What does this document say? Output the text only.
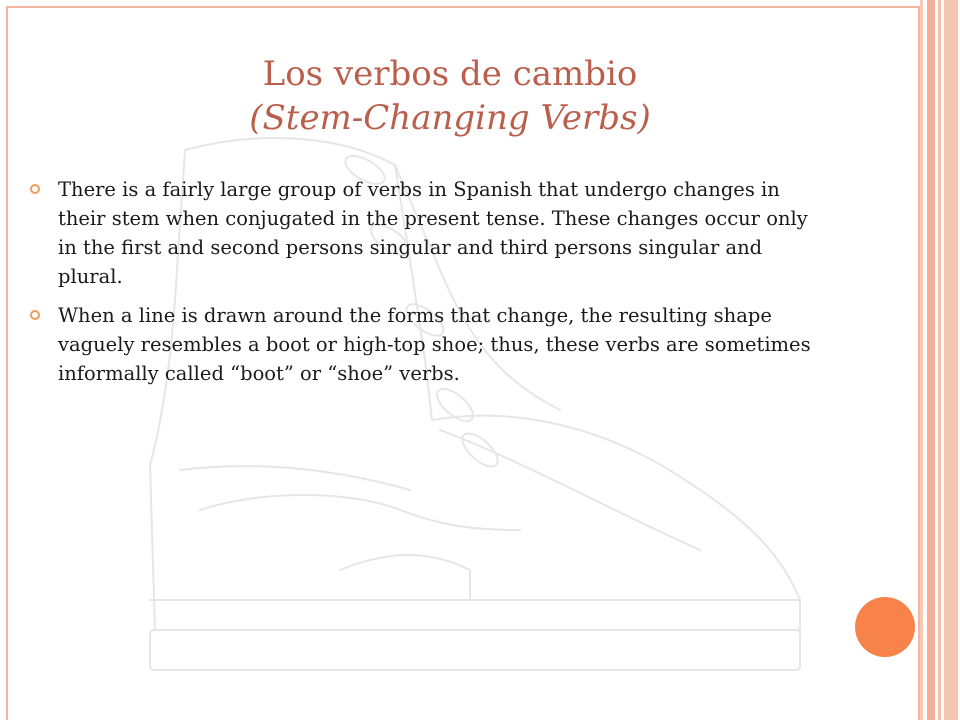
Los verbos de cambio
(Stem-Changing Verbs)
There is a fairly large group of verbs in Spanish that undergo changes in their stem when conjugated in the present tense. These changes occur only in the first and second persons singular and third persons singular and plural.
When a line is drawn around the forms that change, the resulting shape vaguely resembles a boot or high-top shoe; thus, these verbs are sometimes informally called “boot” or “shoe” verbs.
